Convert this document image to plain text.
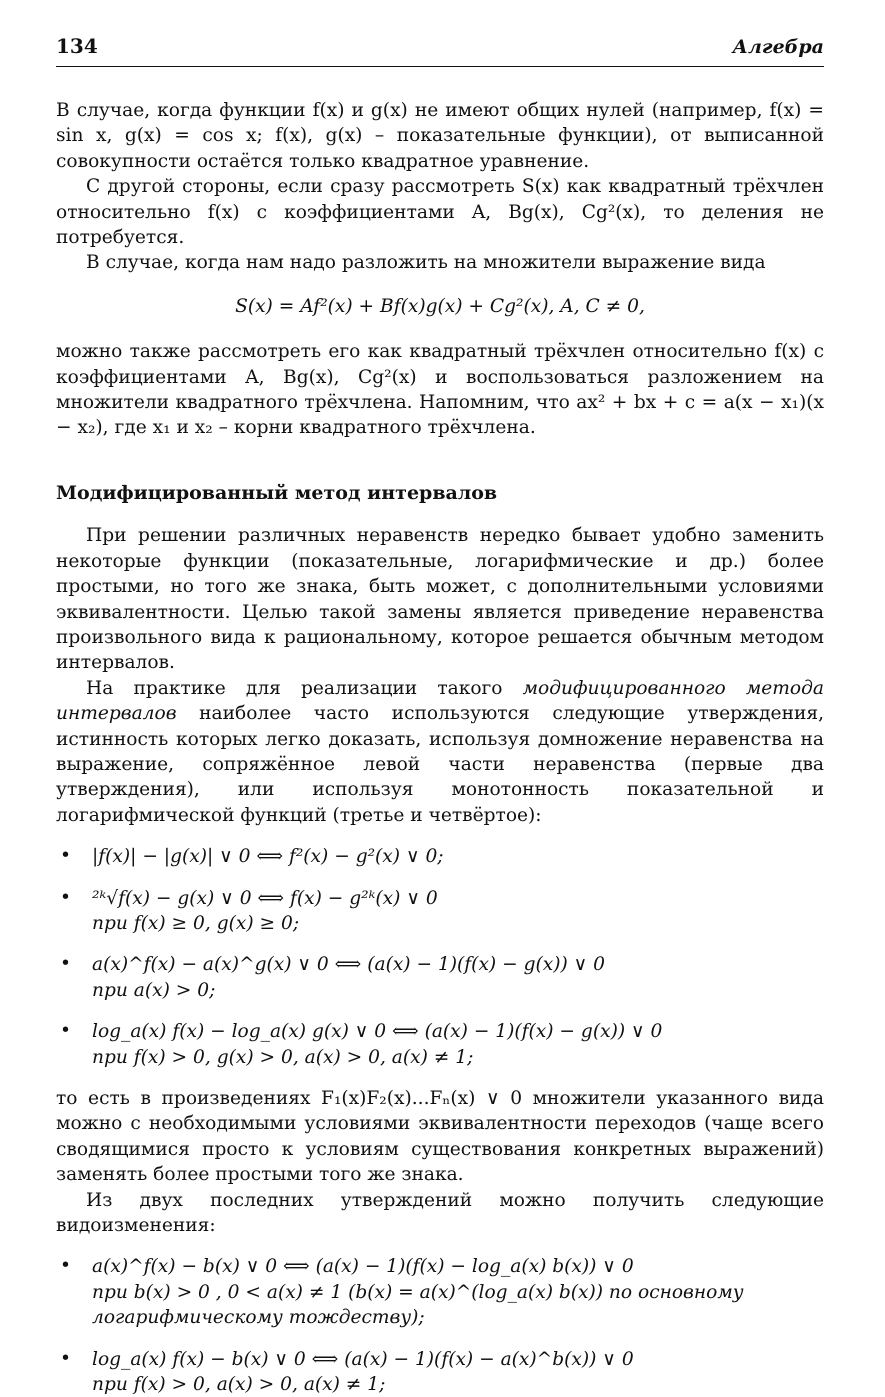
134	Алгебра

В случае, когда функции f(x) и g(x) не имеют общих нулей (например, f(x) = sin x, g(x) = cos x; f(x), g(x) – показательные функции), от выписанной совокупности остаётся только квадратное уравнение.

С другой стороны, если сразу рассмотреть S(x) как квадратный трёхчлен относительно f(x) с коэффициентами A, Bg(x), Cg²(x), то деления не потребуется.

В случае, когда нам надо разложить на множители выражение вида

S(x) = Af²(x) + Bf(x)g(x) + Cg²(x), A, C ≠ 0,

можно также рассмотреть его как квадратный трёхчлен относительно f(x) с коэффициентами A, Bg(x), Cg²(x) и воспользоваться разложением на множители квадратного трёхчлена. Напомним, что ax² + bx + c = a(x − x₁)(x − x₂), где x₁ и x₂ – корни квадратного трёхчлена.

Модифицированный метод интервалов

При решении различных неравенств нередко бывает удобно заменить некоторые функции (показательные, логарифмические и др.) более простыми, но того же знака, быть может, с дополнительными условиями эквивалентности. Целью такой замены является приведение неравенства произвольного вида к рациональному, которое решается обычным методом интервалов.

На практике для реализации такого модифицированного метода интервалов наиболее часто используются следующие утверждения, истинность которых легко доказать, используя домножение неравенства на выражение, сопряжённое левой части неравенства (первые два утверждения), или используя монотонность показательной и логарифмической функций (третье и четвёртое):

• |f(x)| − |g(x)| ∨ 0 ⟺ f²(x) − g²(x) ∨ 0;
• ²ᵏ√f(x) − g(x) ∨ 0 ⟺ f(x) − g²ᵏ(x) ∨ 0
при f(x) ≥ 0, g(x) ≥ 0;
• a(x)^f(x) − a(x)^g(x) ∨ 0 ⟺ (a(x) − 1)(f(x) − g(x)) ∨ 0
при a(x) > 0;
• log_a(x) f(x) − log_a(x) g(x) ∨ 0 ⟺ (a(x) − 1)(f(x) − g(x)) ∨ 0
при f(x) > 0, g(x) > 0, a(x) > 0, a(x) ≠ 1;

то есть в произведениях F₁(x)F₂(x)...Fₙ(x) ∨ 0 множители указанного вида можно с необходимыми условиями эквивалентности переходов (чаще всего сводящимися просто к условиям существования конкретных выражений) заменять более простыми того же знака.

Из двух последних утверждений можно получить следующие видоизменения:

• a(x)^f(x) − b(x) ∨ 0 ⟺ (a(x) − 1)(f(x) − log_a(x) b(x)) ∨ 0
при b(x) > 0 , 0 < a(x) ≠ 1 (b(x) = a(x)^(log_a(x) b(x)) по основному логарифмическому тождеству);
• log_a(x) f(x) − b(x) ∨ 0 ⟺ (a(x) − 1)(f(x) − a(x)^b(x)) ∨ 0
при f(x) > 0, a(x) > 0, a(x) ≠ 1;
